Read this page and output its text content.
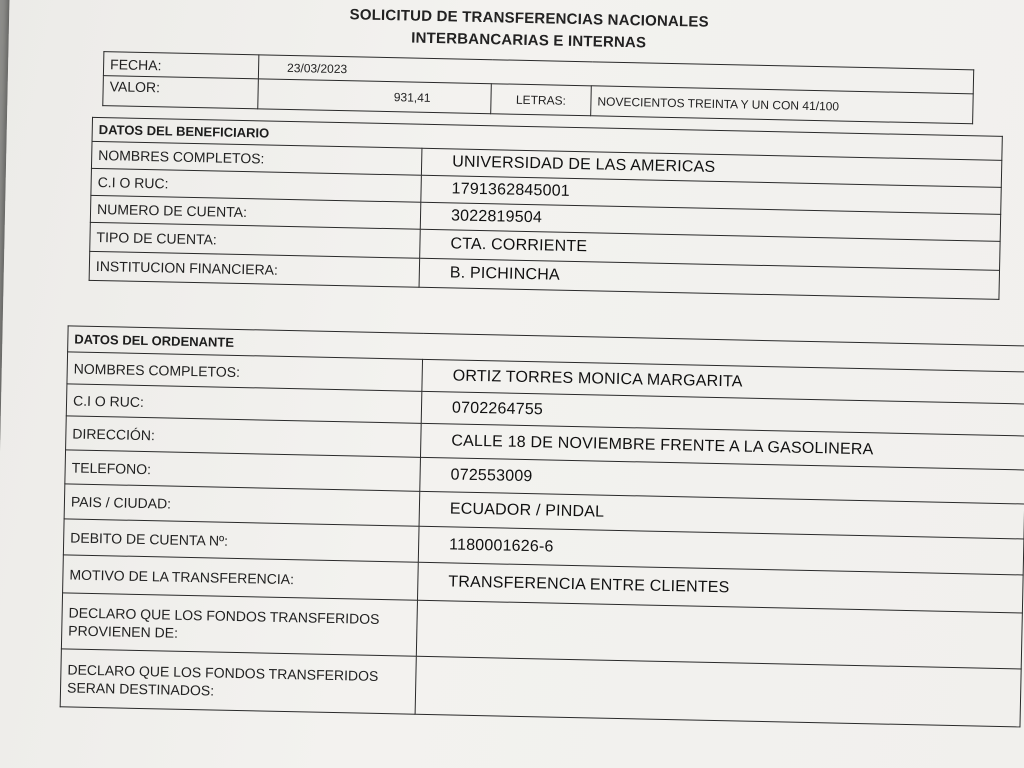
SOLICITUD DE TRANSFERENCIAS NACIONALES
INTERBANCARIAS E INTERNAS
FECHA:	23/03/2023		
VALOR:	931,41	LETRAS:	NOVECIENTOS TREINTA Y UN CON 41/100
DATOS DEL BENEFICIARIO	
NOMBRES COMPLETOS:	UNIVERSIDAD DE LAS AMERICAS
C.I O RUC:	1791362845001
NUMERO DE CUENTA:	3022819504
TIPO DE CUENTA:	CTA. CORRIENTE
INSTITUCION FINANCIERA:	B. PICHINCHA
DATOS DEL ORDENANTE	
NOMBRES COMPLETOS:	ORTIZ TORRES MONICA MARGARITA
C.I O RUC:	0702264755
DIRECCIÓN:	CALLE 18 DE NOVIEMBRE FRENTE A LA GASOLINERA
TELEFONO:	072553009
PAIS / CIUDAD:	ECUADOR / PINDAL
DEBITO DE CUENTA Nº:	1180001626-6
MOTIVO DE LA TRANSFERENCIA:	TRANSFERENCIA ENTRE CLIENTES
DECLARO QUE LOS FONDOS TRANSFERIDOS PROVIENEN DE:	
DECLARO QUE LOS FONDOS TRANSFERIDOS SERAN DESTINADOS:	
